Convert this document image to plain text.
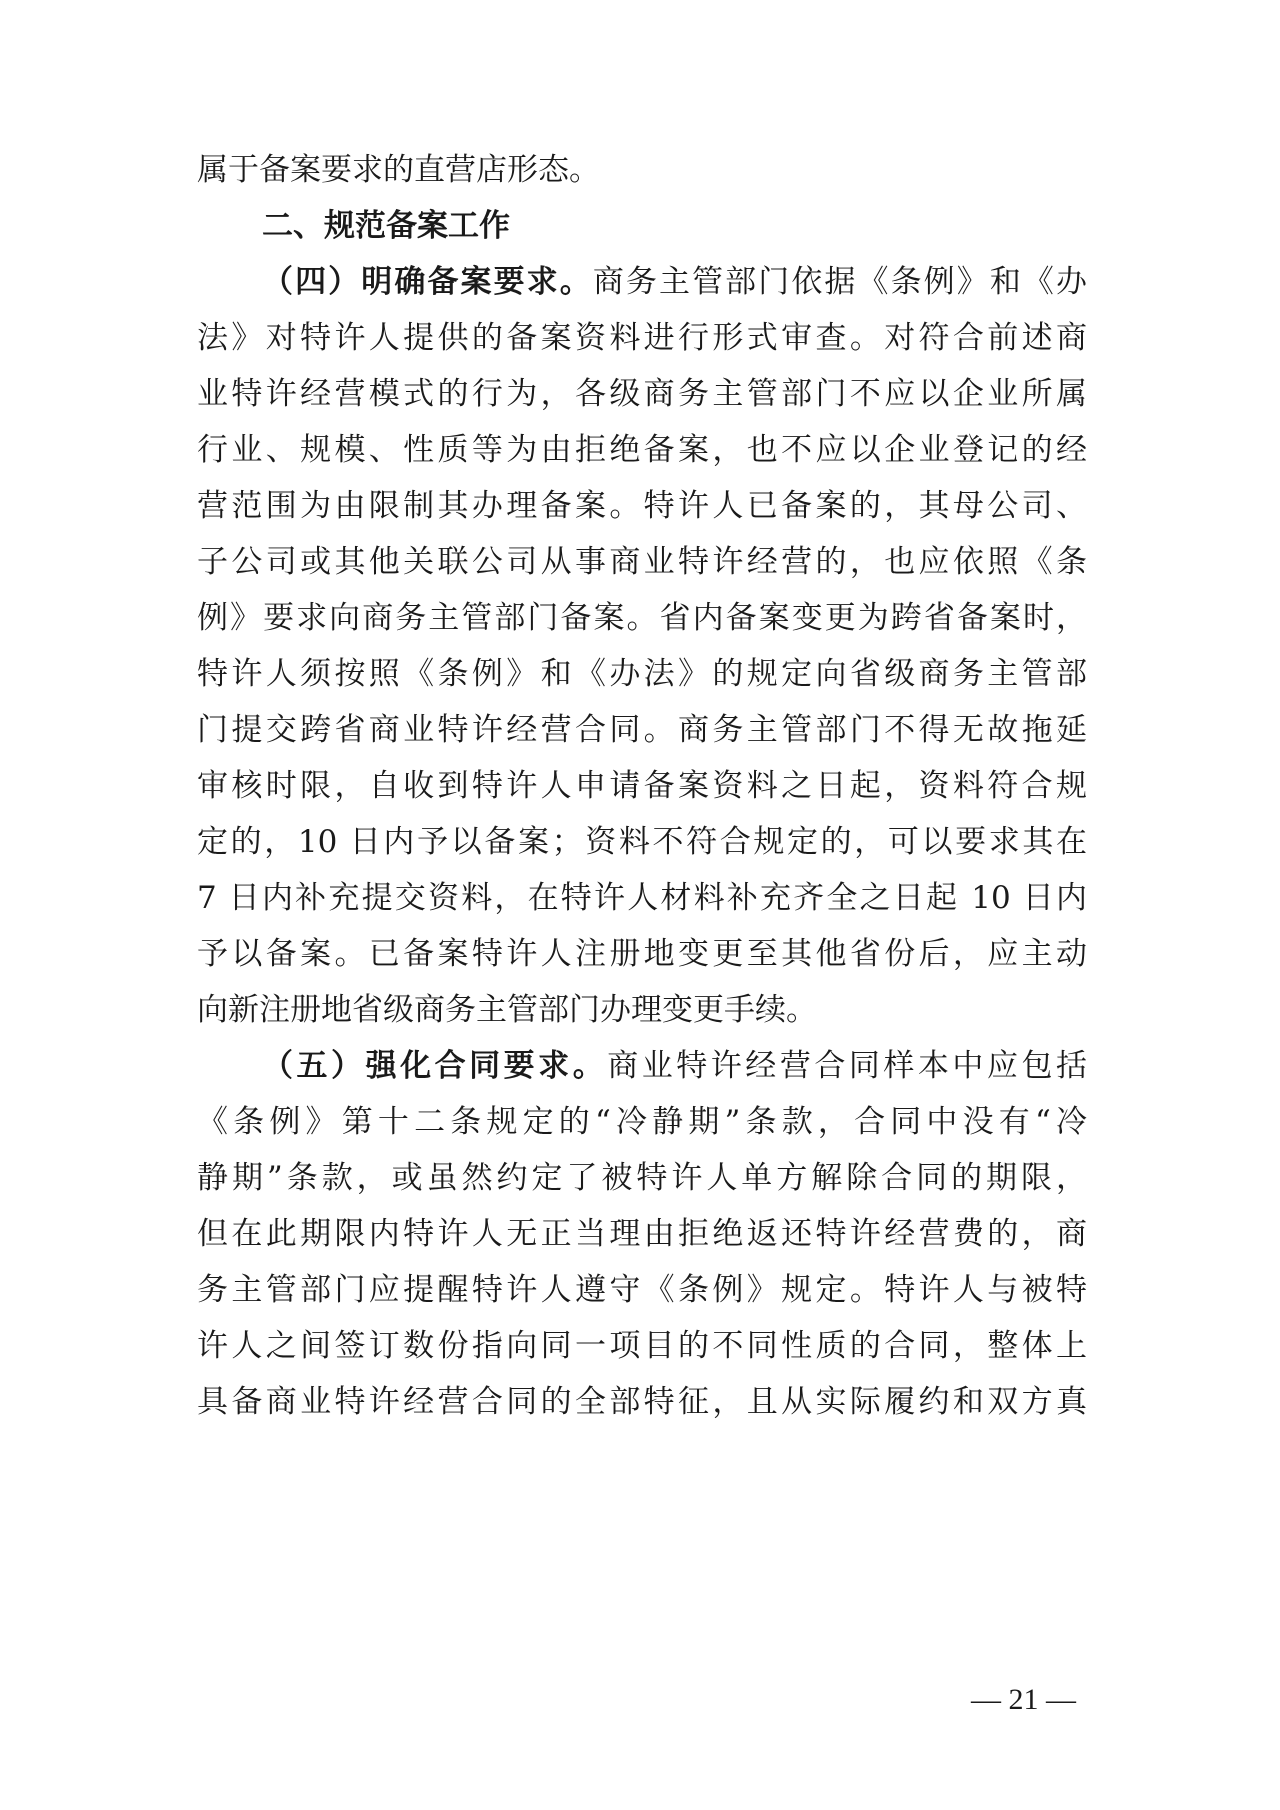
属于备案要求的直营店形态。
二、规范备案工作
（四）明确备案要求。商务主管部门依据《条例》和《办
法》对特许人提供的备案资料进行形式审查。对符合前述商
业特许经营模式的行为，各级商务主管部门不应以企业所属
行业、规模、性质等为由拒绝备案，也不应以企业登记的经
营范围为由限制其办理备案。特许人已备案的，其母公司、
子公司或其他关联公司从事商业特许经营的，也应依照《条
例》要求向商务主管部门备案。省内备案变更为跨省备案时，
特许人须按照《条例》和《办法》的规定向省级商务主管部
门提交跨省商业特许经营合同。商务主管部门不得无故拖延
审核时限，自收到特许人申请备案资料之日起，资料符合规
定的，10 日内予以备案；资料不符合规定的，可以要求其在
7 日内补充提交资料，在特许人材料补充齐全之日起 10 日内
予以备案。已备案特许人注册地变更至其他省份后，应主动
向新注册地省级商务主管部门办理变更手续。
（五）强化合同要求。商业特许经营合同样本中应包括
《条例》第十二条规定的“冷静期”条款，合同中没有“冷
静期”条款，或虽然约定了被特许人单方解除合同的期限，
但在此期限内特许人无正当理由拒绝返还特许经营费的，商
务主管部门应提醒特许人遵守《条例》规定。特许人与被特
许人之间签订数份指向同一项目的不同性质的合同，整体上
具备商业特许经营合同的全部特征，且从实际履约和双方真
— 21 —
